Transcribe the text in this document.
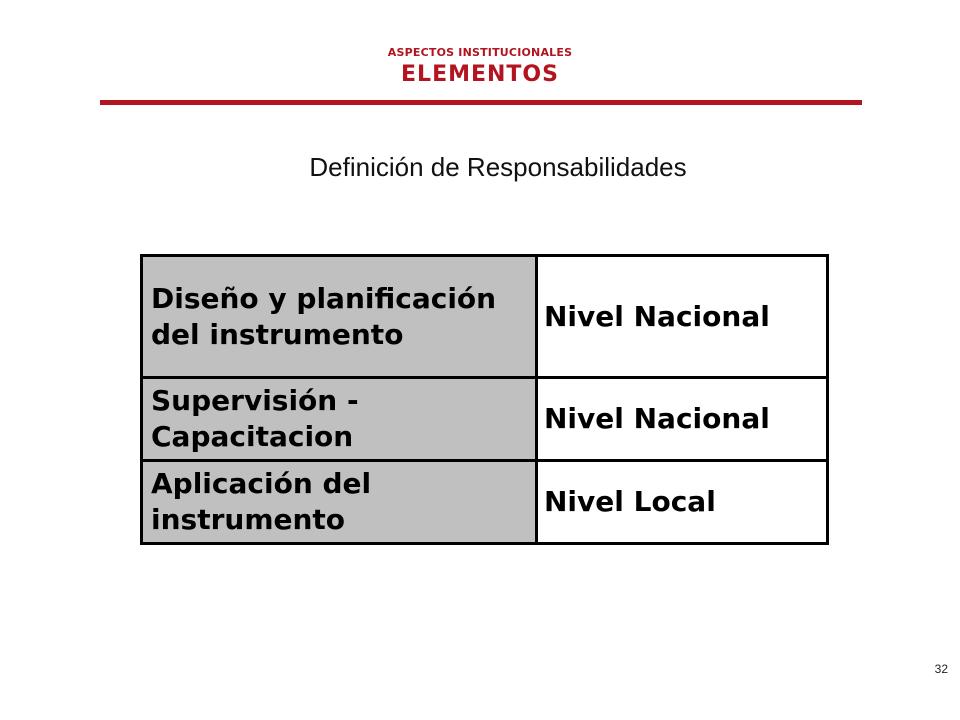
ASPECTOS INSTITUCIONALES
ELEMENTOS
Definición de Responsabilidades
Diseño y planificación del instrumento	Nivel Nacional
Supervisión - Capacitacion	Nivel Nacional
Aplicación del instrumento	Nivel Local
32
